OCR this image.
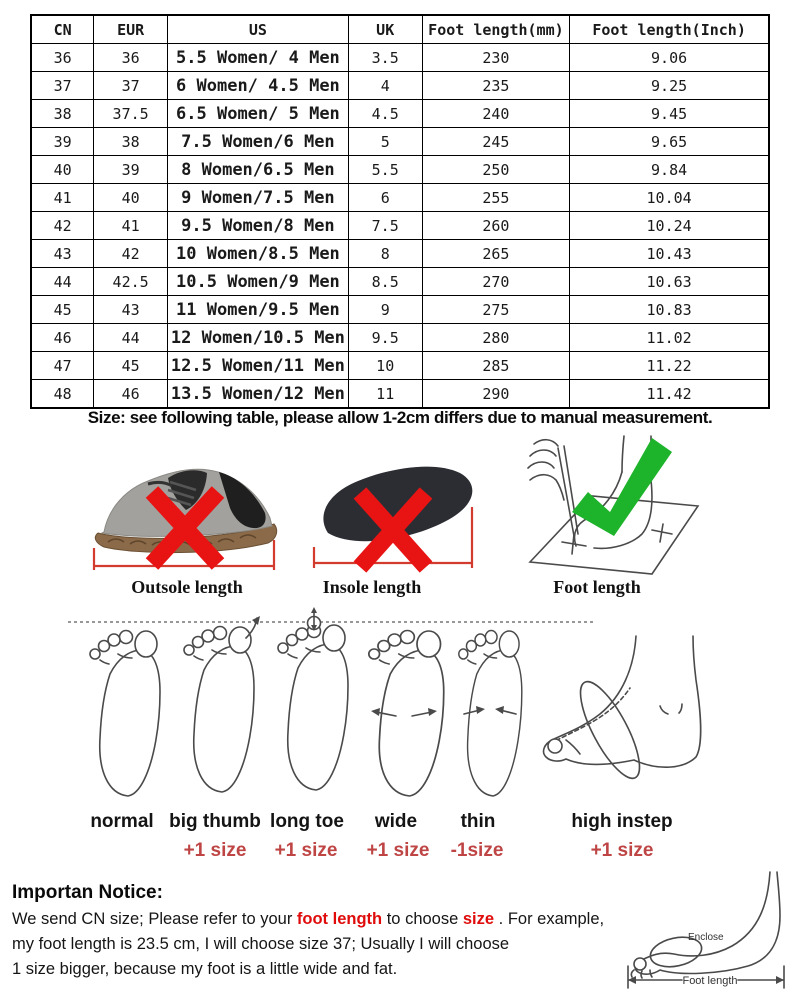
CN	EUR	US	UK	Foot length(mm)	Foot length(Inch)
36	36	5.5 Women/ 4 Men	3.5	230	9.06
37	37	6 Women/ 4.5 Men	4	235	9.25
38	37.5	6.5 Women/ 5 Men	4.5	240	9.45
39	38	7.5 Women/6 Men	5	245	9.65
40	39	8 Women/6.5 Men	5.5	250	9.84
41	40	9 Women/7.5 Men	6	255	10.04
42	41	9.5 Women/8 Men	7.5	260	10.24
43	42	10 Women/8.5 Men	8	265	10.43
44	42.5	10.5 Women/9 Men	8.5	270	10.63
45	43	11 Women/9.5 Men	9	275	10.83
46	44	12 Women/10.5 Men	9.5	280	11.02
47	45	12.5 Women/11 Men	10	285	11.22
48	46	13.5 Women/12 Men	11	290	11.42
Size: see following table, please allow 1-2cm differs due to manual measurement.
Outsole length	Insole length	Foot length
normal big thumb long toe	wide	thin	high instep
+1 size	+1 size	+1 size	-1size	+1 size
Importan Notice:
We send CN size; Please refer to your foot length to choose size . For example,
my foot length is 23.5 cm, I will choose size 37; Usually I will choose
1 size bigger, because my foot is a little wide and fat.
Enclose
Foot length
